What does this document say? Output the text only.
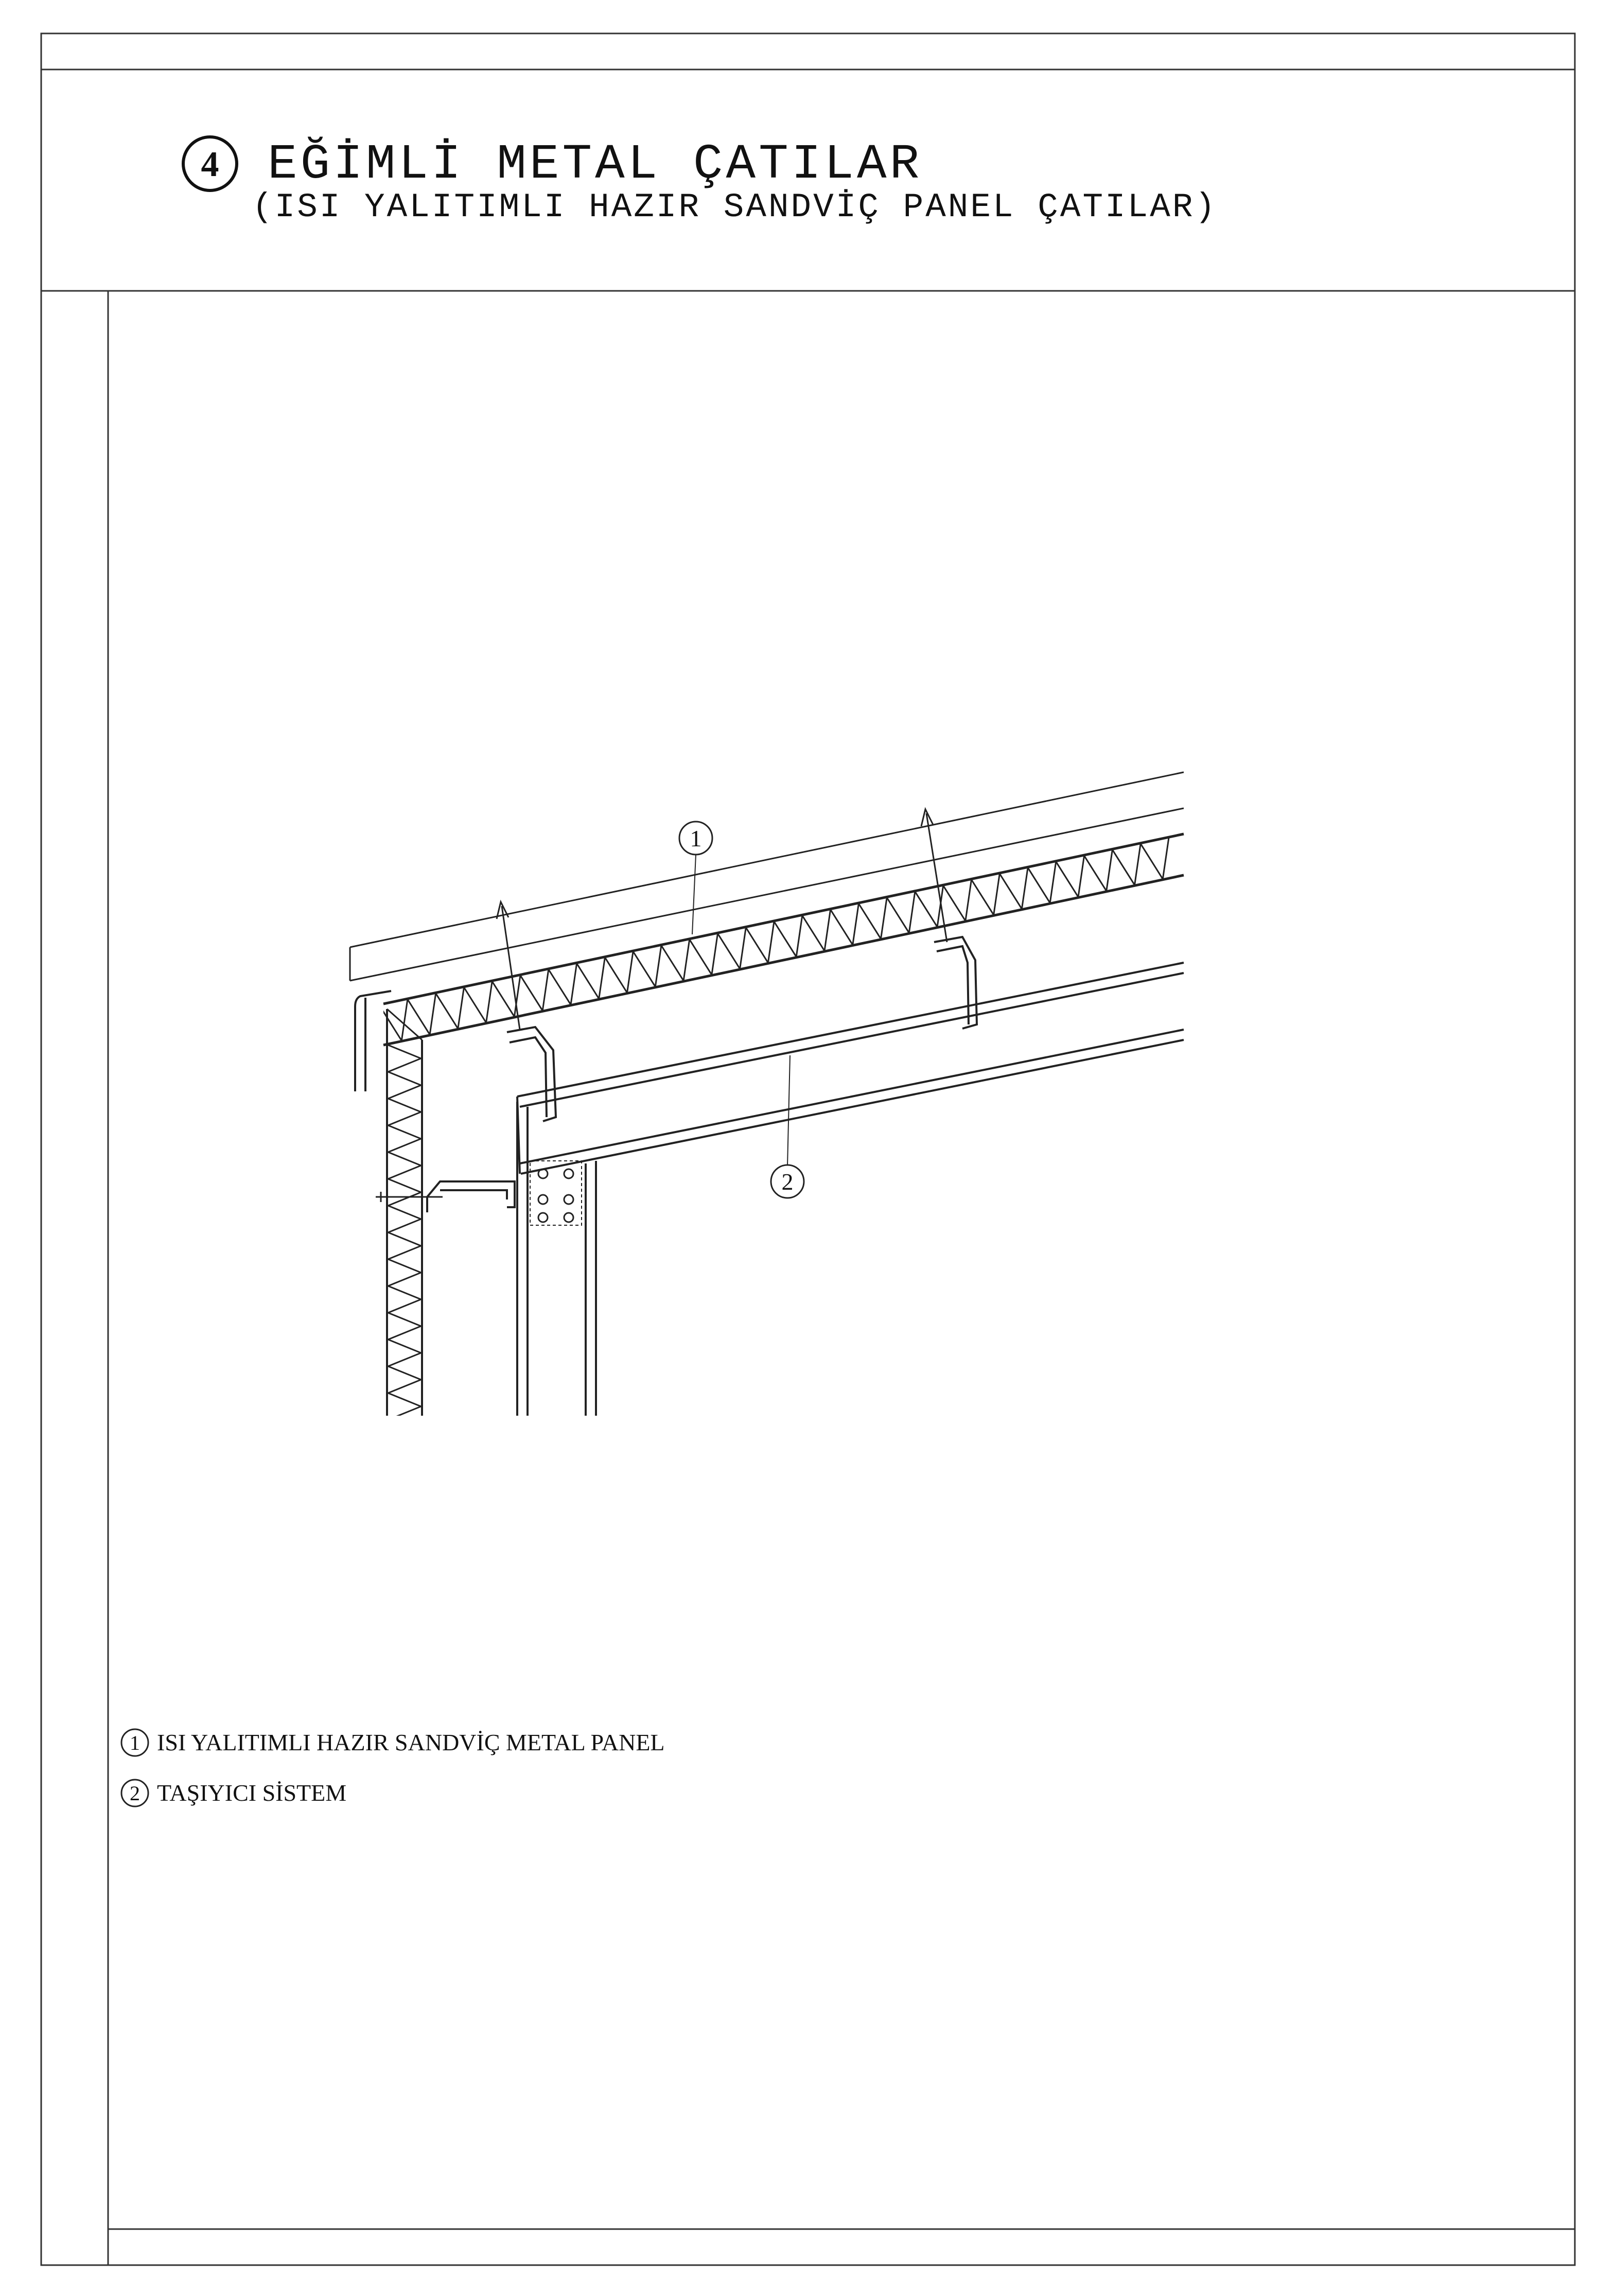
4 EĞİMLİ METAL ÇATILAR
(ISI YALITIMLI HAZIR SANDVİÇ PANEL ÇATILAR)
1
2
1 ISI YALITIMLI HAZIR SANDVİÇ METAL PANEL
2 TAŞIYICI SİSTEM
